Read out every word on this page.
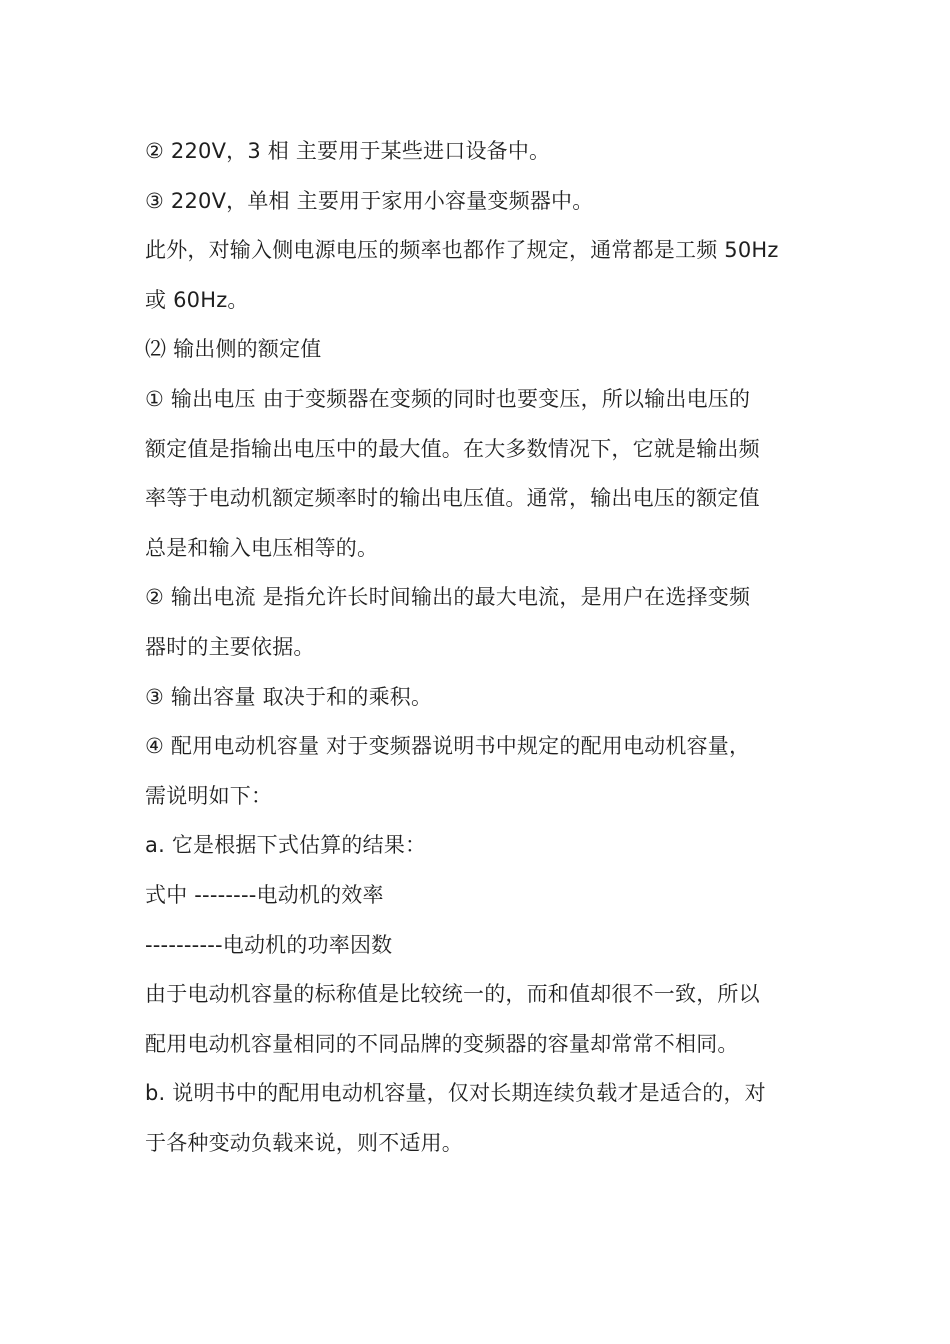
② 220V，3 相 主要用于某些进口设备中。
③ 220V，单相 主要用于家用小容量变频器中。
此外，对输入侧电源电压的频率也都作了规定，通常都是工频 50Hz
或 60Hz。
⑵ 输出侧的额定值
① 输出电压 由于变频器在变频的同时也要变压，所以输出电压的
额定值是指输出电压中的最大值。在大多数情况下，它就是输出频
率等于电动机额定频率时的输出电压值。通常，输出电压的额定值
总是和输入电压相等的。
② 输出电流 是指允许长时间输出的最大电流，是用户在选择变频
器时的主要依据。
③ 输出容量 取决于和的乘积。
④ 配用电动机容量 对于变频器说明书中规定的配用电动机容量，
需说明如下：
a. 它是根据下式估算的结果：
式中 --------电动机的效率
----------电动机的功率因数
由于电动机容量的标称值是比较统一的，而和值却很不一致，所以
配用电动机容量相同的不同品牌的变频器的容量却常常不相同。
b. 说明书中的配用电动机容量，仅对长期连续负载才是适合的，对
于各种变动负载来说，则不适用。
